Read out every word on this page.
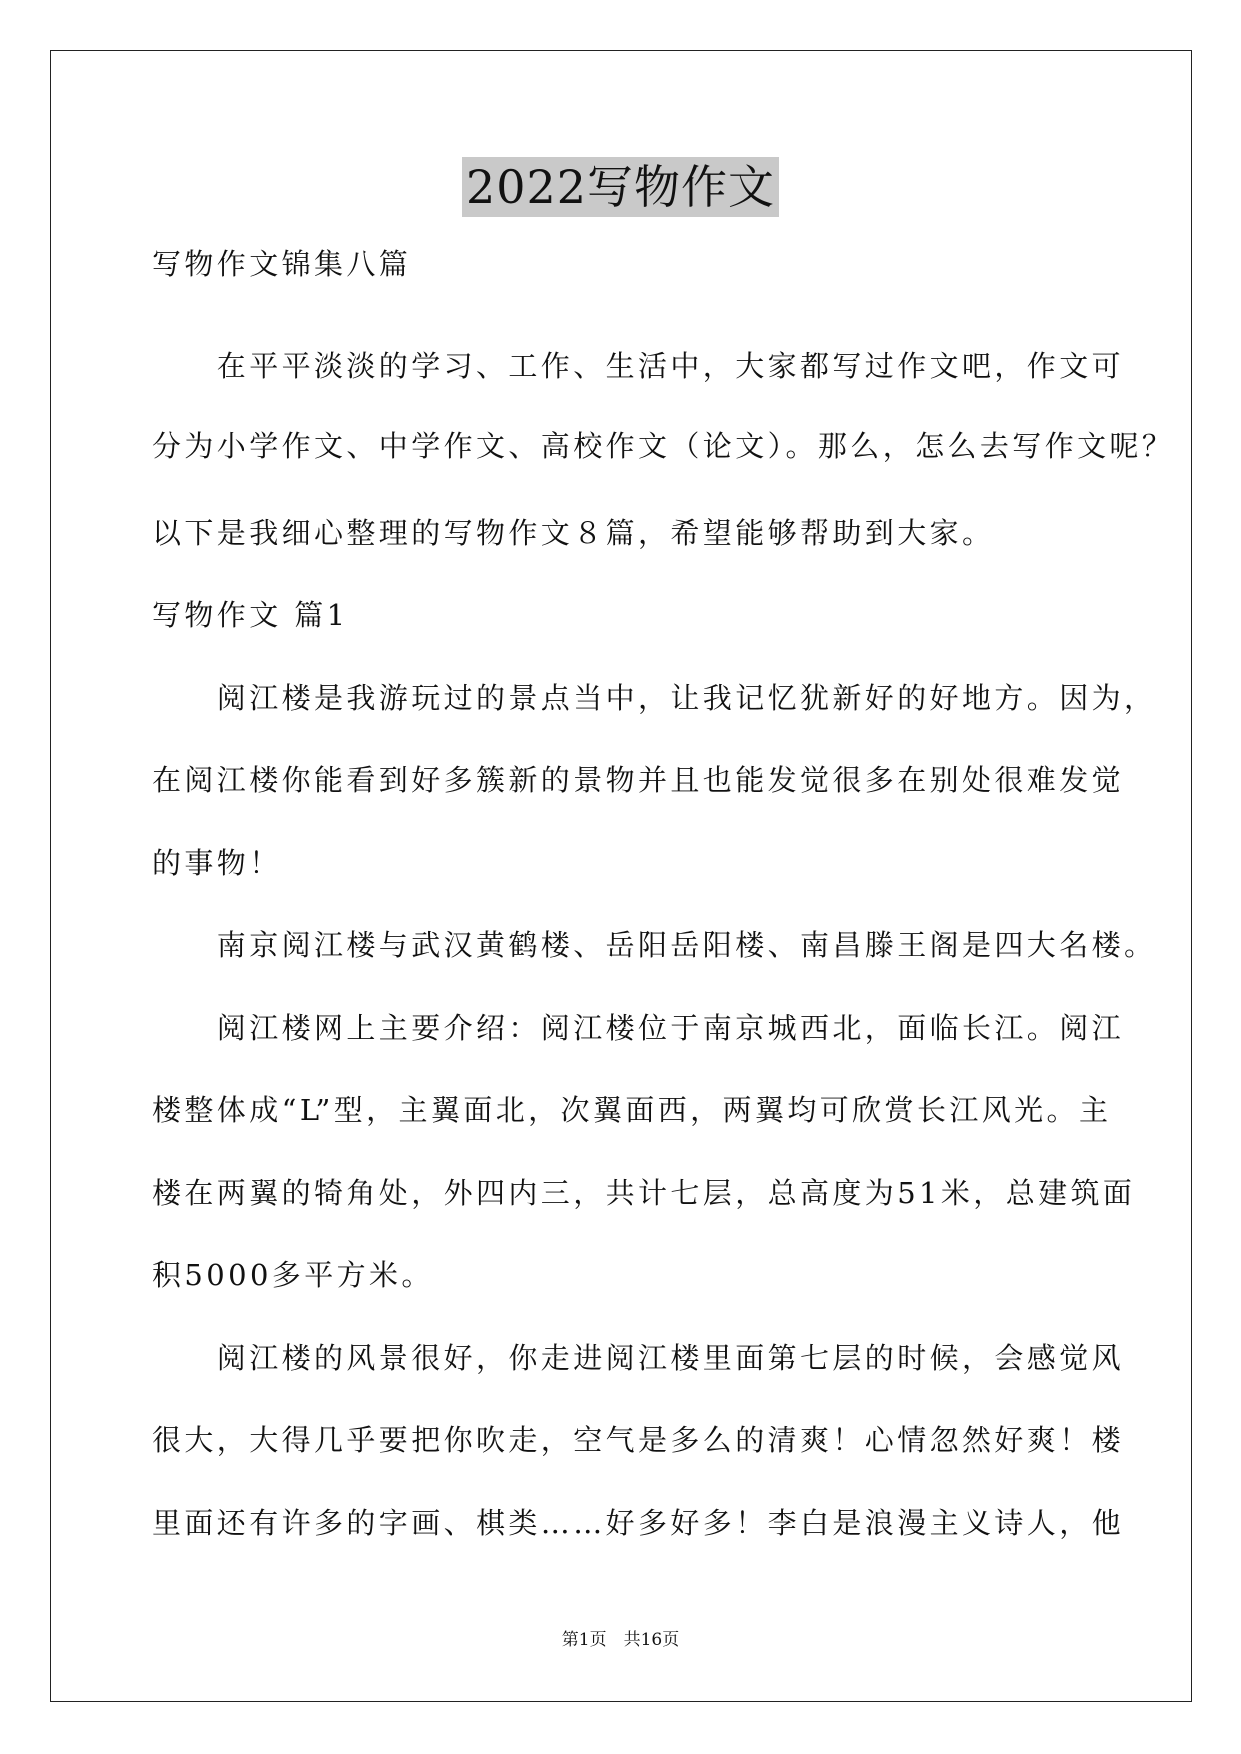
2022写物作文
写物作文锦集八篇
　　在平平淡淡的学习、工作、生活中，大家都写过作文吧，作文可
分为小学作文、中学作文、高校作文（论文）。那么，怎么去写作文呢？
以下是我细心整理的写物作文８篇，希望能够帮助到大家。
写物作文 篇1
　　阅江楼是我游玩过的景点当中，让我记忆犹新好的好地方。因为，
在阅江楼你能看到好多簇新的景物并且也能发觉很多在别处很难发觉
的事物！
　　南京阅江楼与武汉黄鹤楼、岳阳岳阳楼、南昌滕王阁是四大名楼。
　　阅江楼网上主要介绍：阅江楼位于南京城西北，面临长江。阅江
楼整体成“L”型，主翼面北，次翼面西，两翼均可欣赏长江风光。主
楼在两翼的犄角处，外四内三，共计七层，总高度为51米，总建筑面
积5000多平方米。
　　阅江楼的风景很好，你走进阅江楼里面第七层的时候，会感觉风
很大，大得几乎要把你吹走，空气是多么的清爽！心情忽然好爽！楼
里面还有许多的字画、棋类……好多好多！李白是浪漫主义诗人，他
第1页　共16页
